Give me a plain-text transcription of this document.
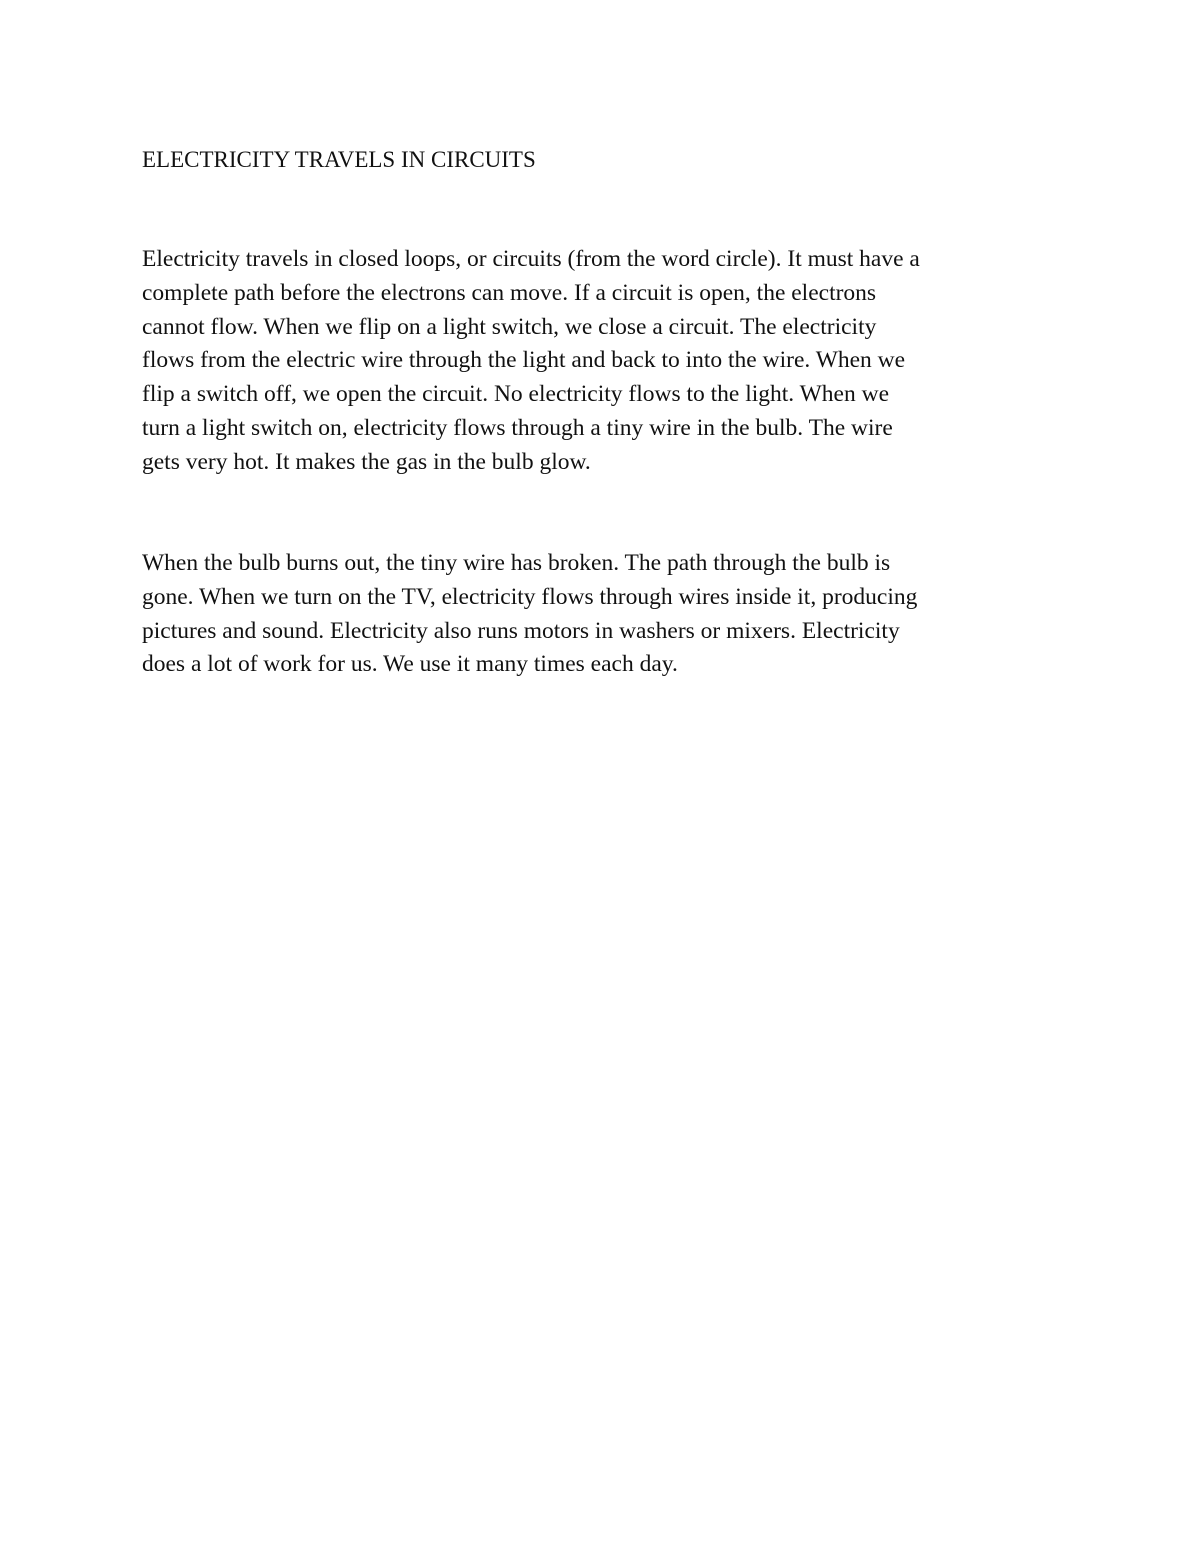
ELECTRICITY TRAVELS IN CIRCUITS

Electricity travels in closed loops, or circuits (from the word circle). It must have a
complete path before the electrons can move. If a circuit is open, the electrons
cannot flow. When we flip on a light switch, we close a circuit. The electricity
flows from the electric wire through the light and back to into the wire. When we
flip a switch off, we open the circuit. No electricity flows to the light. When we
turn a light switch on, electricity flows through a tiny wire in the bulb. The wire
gets very hot. It makes the gas in the bulb glow.

When the bulb burns out, the tiny wire has broken. The path through the bulb is
gone. When we turn on the TV, electricity flows through wires inside it, producing
pictures and sound. Electricity also runs motors in washers or mixers. Electricity
does a lot of work for us. We use it many times each day.
